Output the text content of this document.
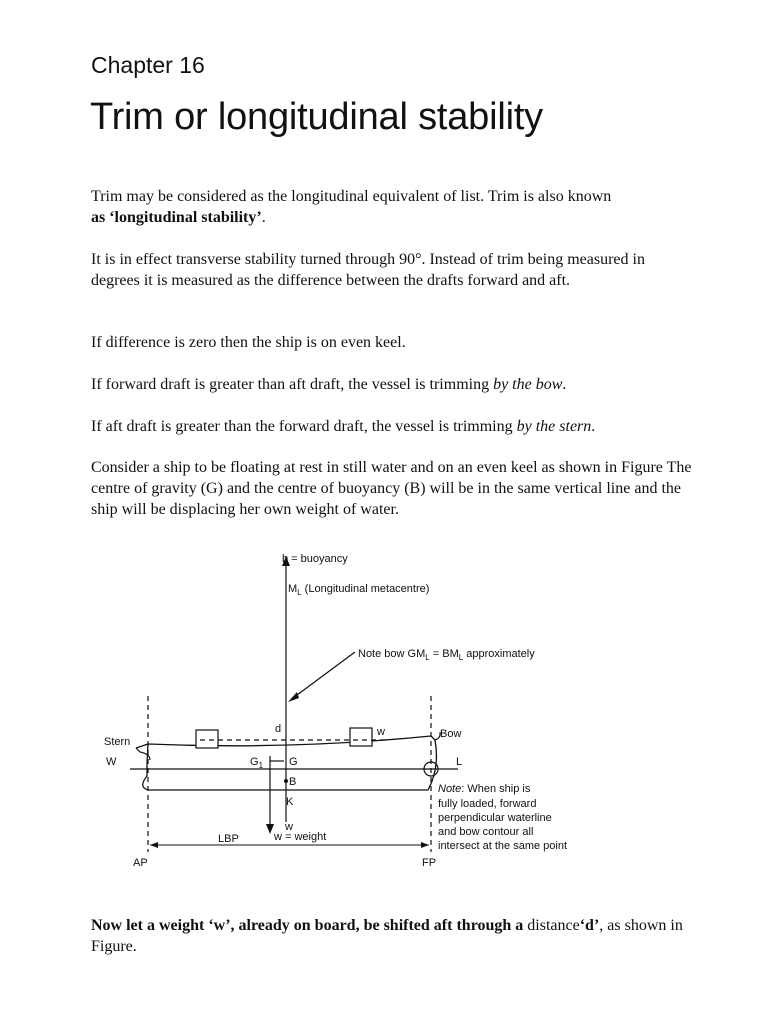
Chapter 16
Trim or longitudinal stability

Trim may be considered as the longitudinal equivalent of list. Trim is also known
as ‘longitudinal stability’.

It is in effect transverse stability turned through 90°. Instead of trim being measured in degrees it is measured as the difference between the drafts forward and aft.

If difference is zero then the ship is on even keel.

If forward draft is greater than aft draft, the vessel is trimming by the bow.

If aft draft is greater than the forward draft, the vessel is trimming by the stern.

Consider a ship to be floating at rest in still water and on an even keel as shown in Figure The centre of gravity (G) and the centre of buoyancy (B) will be in the same vertical line and the ship will be displacing her own weight of water.

b = buoyancy
$M_L$ (Longitudinal metacentre)
Note bow $GM_L = BM_L$ approximately
d	w
W	L
Stern
Bow
$G_1$ G
B
K
w
w = weight
LBP
AP	FP
Note: When ship is
fully loaded, forward
perpendicular waterline
and bow contour all
intersect at the same point

Now let a weight ‘w’, already on board, be shifted aft through a distance‘d’, as shown in Figure.
